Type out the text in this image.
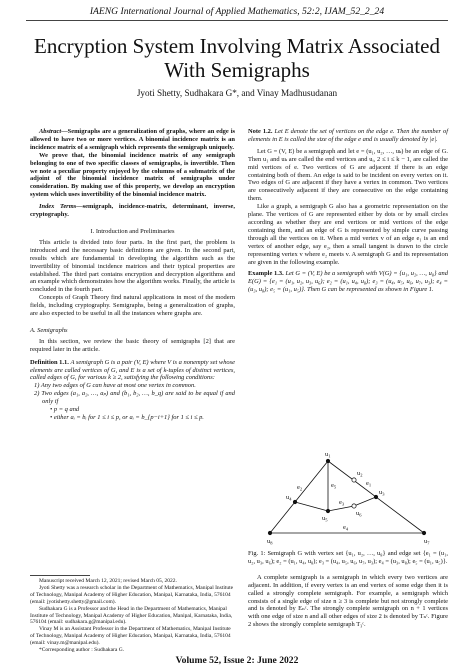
IAENG International Journal of Applied Mathematics, 52:2, IJAM_52_2_24
Encryption System Involving Matrix Associated
With Semigraphs
Jyoti Shetty, Sudhakara G*, and Vinay Madhusudanan

Abstract—Semigraphs are a generalization of graphs, where an edge is allowed to have two or more vertices. A binomial incidence matrix is an incidence matrix of a semigraph which represents the semigraph uniquely.

We prove that, the binomial incidence matrix of any semigraph belonging to one of two specific classes of semigraphs, is invertible. Then we note a peculiar property enjoyed by the columns of a submatrix of the adjoint of the binomial incidence matrix of semigraphs under consideration. By making use of this property, we develop an encryption system which uses invertibility of the binomial incidence matrix.

Index Terms—semigraph, incidence-matrix, determinant, inverse, cryptography.

I. Introduction and Preliminaries

This article is divided into four parts. In the first part, the problem is introduced and the necessary basic definitions are given. In the second part, results which are fundamental in developing the algorithm such as the invertibility of binomial incidence matrices and their typical properties are established. The third part contains encryption and decryption algorithms and an example which demonstrates how the algorithm works. Finally, the article is concluded in the fourth part.

Concepts of Graph Theory find natural applications in most of the modern fields, including cryptography. Semigraphs, being a generalization of graphs, are also expected to be useful in all the instances where graphs are.

A. Semigraphs

In this section, we review the basic theory of semigraphs [2] that are required later in the article.

Definition 1.1. A semigraph G is a pair (V, E) where V is a nonempty set whose elements are called vertices of G, and E is a set of k-tuples of distinct vertices, called edges of G, for various k ≥ 2, satisfying the following conditions:

1) Any two edges of G can have at most one vertex in common.

2) Two edges (a₁, a₂, …, aₚ) and (b₁, b₂, …, b_q) are said to be equal if and only if

• p = q and

• either aᵢ = bᵢ for 1 ≤ i ≤ p, or aᵢ = b_{p−i+1} for 1 ≤ i ≤ p.

Manuscript received March 12, 2021; revised March 05, 2022.

Jyoti Shetty was a research scholar in the Department of Mathematics, Manipal Institute of Technology, Manipal Academy of Higher Education, Manipal, Karnataka, India, 576104 (email: jyotishetty.shetty@gmail.com).

Sudhakara G is a Professor and the Head in the Department of Mathematics, Manipal Institute of Technology, Manipal Academy of Higher Education, Manipal, Karnataka, India, 576104 (email: sudhakara.g@manipal.edu).

Vinay M is an Assistant Professor in the Department of Mathematics, Manipal Institute of Technology, Manipal Academy of Higher Education, Manipal, Karnataka, India, 576104 (email: vinay.m@manipal.edu).

*Corresponding author : Sudhakara G.

Note 1.2. Let E denote the set of vertices on the edge e. Then the number of elements in E is called the size of the edge e and is usually denoted by |e|.

Let G = (V, E) be a semigraph and let e = (u₁, u₂, …, uₖ) be an edge of G. Then u₁ and uₖ are called the end vertices and uᵢ, 2 ≤ i ≤ k − 1, are called the mid vertices of e. Two vertices of G are adjacent if there is an edge containing both of them. An edge is said to be incident on every vertex on it. Two edges of G are adjacent if they have a vertex in common. Two vertices are consecutively adjacent if they are consecutive on the edge containing them.

Like a graph, a semigraph G also has a geometric representation on the plane. The vertices of G are represented either by dots or by small circles according as whether they are end vertices or mid vertices of the edge containing them, and an edge of G is represented by simple curve passing through all the vertices on it. When a mid vertex v of an edge e₁ is an end vertex of another edge, say e₂, then a small tangent is drawn to the circle representing vertex v where e₂ meets v. A semigraph G and its representation are given in the following example.

Example 1.3. Let G = (V, E) be a semigraph with V(G) = {u₁, u₂, …, u₈} and E(G) = {e₁ = (u₁, u₂, u₃, u₆); e₂ = (u₁, u₄, u₈); e₃ = (u₄, u₅, u₆, u₇, u₃); e₄ = (u₃, u₈); e₅ = (u₁, u₅)}. Then G can be represented as shown in Figure 1.

$u_1$
$u_2$
$u_3$
$u_4$
$u_5$
$u_6$
$u_7$
$u_8$
$e_1$
$e_2$
$e_3$
$e_4$
$e_5$

Fig. 1: Semigraph G with vertex set {u₁, u₂, …, u₈} and edge set {e₁ = (u₁, u₂, u₃, u₆); e₂ = (u₁, u₄, u₈); e₃ = (u₄, u₅, u₆, u₇, u₃); e₄ = (u₃, u₈); e₅ = (u₁, u₅)}.

A complete semigraph is a semigraph in which every two vertices are adjacent. In addition, if every vertex is an end vertex of some edge then it is called a strongly complete semigraph. For example, a semigraph which consists of a single edge of size n ≥ 3 is complete but not strongly complete and is denoted by Eₙᶜ. The strongly complete semigraph on n + 1 vertices with one edge of size n and all other edges of size 2 is denoted by Tₙᶜ. Figure 2 shows the strongly complete semigraph T₃ᶜ.

Volume 52, Issue 2: June 2022
